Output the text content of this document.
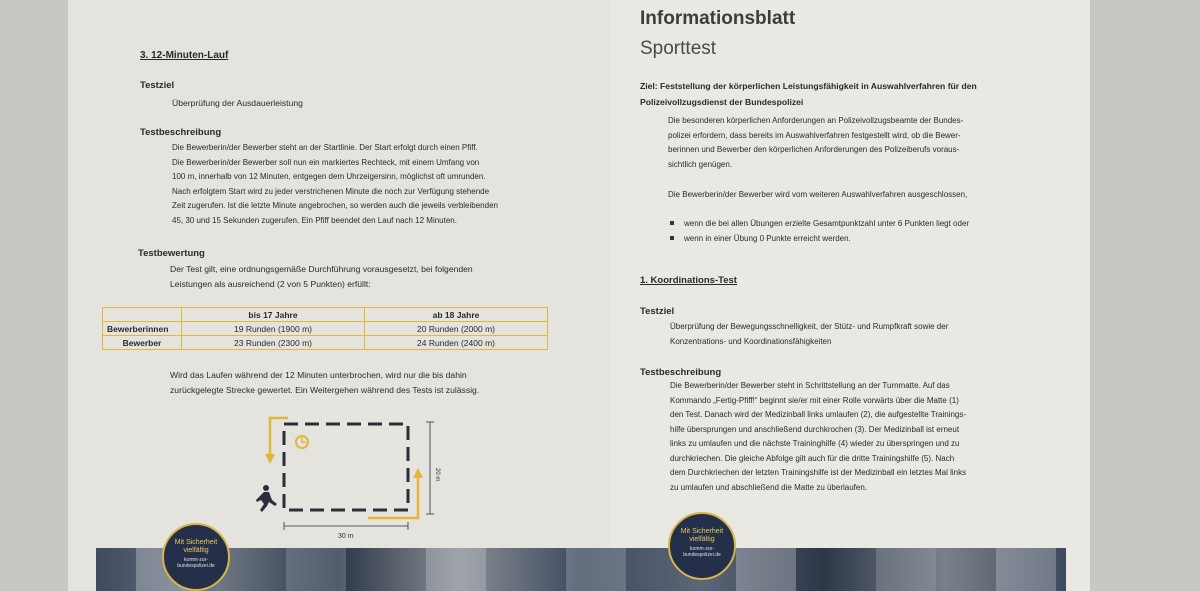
3. 12-Minuten-Lauf
Testziel
Überprüfung der Ausdauerleistung
Testbeschreibung
Die Bewerberin/der Bewerber steht an der Startlinie. Der Start erfolgt durch einen Pfiff.
Die Bewerberin/der Bewerber soll nun ein markiertes Rechteck, mit einem Umfang von
100 m, innerhalb von 12 Minuten, entgegen dem Uhrzeigersinn, möglichst oft umrunden.
Nach erfolgtem Start wird zu jeder verstrichenen Minute die noch zur Verfügung stehende
Zeit zugerufen. Ist die letzte Minute angebrochen, so werden auch die jeweils verbleibenden
45, 30 und 15 Sekunden zugerufen. Ein Pfiff beendet den Lauf nach 12 Minuten.
Testbewertung
Der Test gilt, eine ordnungsgemäße Durchführung vorausgesetzt, bei folgenden
Leistungen als ausreichend (2 von 5 Punkten) erfüllt:
	bis 17 Jahre	ab 18 Jahre
Bewerberinnen	19 Runden (1900 m)	20 Runden (2000 m)
Bewerber	23 Runden (2300 m)	24 Runden (2400 m)
Wird das Laufen während der 12 Minuten unterbrochen, wird nur die bis dahin
zurückgelegte Strecke gewertet. Ein Weitergehen während des Tests ist zulässig.
20 m
30 m
Informationsblatt
Sporttest
Ziel: Feststellung der körperlichen Leistungsfähigkeit in Auswahlverfahren für den
Polizeivollzugsdienst der Bundespolizei
Die besonderen körperlichen Anforderungen an Polizeivollzugsbeamte der Bundes-
polizei erfordern, dass bereits im Auswahlverfahren festgestellt wird, ob die Bewer-
berinnen und Bewerber den körperlichen Anforderungen des Polizeiberufs voraus-
sichtlich genügen.
Die Bewerberin/der Bewerber wird vom weiteren Auswahlverfahren ausgeschlossen,
wenn die bei allen Übungen erzielte Gesamtpunktzahl unter 6 Punkten liegt oder
wenn in einer Übung 0 Punkte erreicht werden.
1. Koordinations-Test
Testziel
Überprüfung der Bewegungsschnelligkeit, der Stütz- und Rumpfkraft sowie der
Konzentrations- und Koordinationsfähigkeiten
Testbeschreibung
Die Bewerberin/der Bewerber steht in Schrittstellung an der Turnmatte. Auf das
Kommando „Fertig-Pfiff!“ beginnt sie/er mit einer Rolle vorwärts über die Matte (1)
den Test. Danach wird der Medizinball links umlaufen (2), die aufgestellte Trainings-
hilfe übersprungen und anschließend durchkrochen (3). Der Medizinball ist erneut
links zu umlaufen und die nächste Traininghilfe (4) wieder zu überspringen und zu
durchkriechen. Die gleiche Abfolge gilt auch für die dritte Trainingshilfe (5). Nach
dem Durchkriechen der letzten Trainingshilfe ist der Medizinball ein letztes Mal links
zu umlaufen und abschließend die Matte zu überlaufen.
Mit Sicherheit
vielfältig
komm-zur-
bundespolizei.de
Mit Sicherheit
vielfältig
komm-zur-
bundespolizei.de
